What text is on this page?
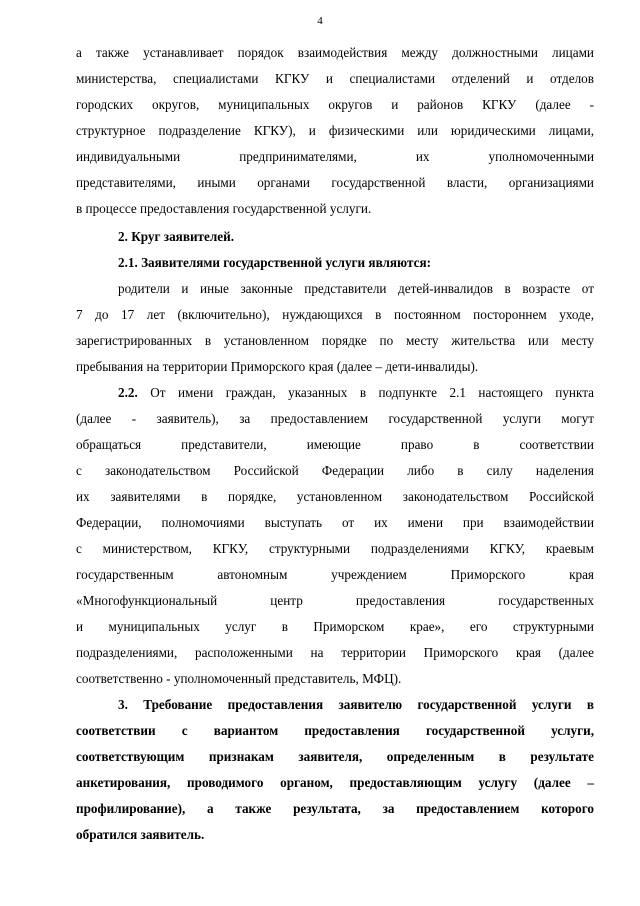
4
а также устанавливает порядок взаимодействия между должностными лицами
министерства, специалистами КГКУ и специалистами отделений и отделов
городских округов, муниципальных округов и районов КГКУ (далее -
структурное подразделение КГКУ), и физическими или юридическими лицами,
индивидуальными предпринимателями, их уполномоченными
представителями, иными органами государственной власти, организациями
в процессе предоставления государственной услуги.
2. Круг заявителей.
2.1. Заявителями государственной услуги являются:
родители и иные законные представители детей-инвалидов в возрасте от
7 до 17 лет (включительно), нуждающихся в постоянном постороннем уходе,
зарегистрированных в установленном порядке по месту жительства или месту
пребывания на территории Приморского края (далее – дети-инвалиды).
2.2. От имени граждан, указанных в подпункте 2.1 настоящего пункта
(далее - заявитель), за предоставлением государственной услуги могут
обращаться представители, имеющие право в соответствии
с законодательством Российской Федерации либо в силу наделения
их заявителями в порядке, установленном законодательством Российской
Федерации, полномочиями выступать от их имени при взаимодействии
с министерством, КГКУ, структурными подразделениями КГКУ, краевым
государственным автономным учреждением Приморского края
«Многофункциональный центр предоставления государственных
и муниципальных услуг в Приморском крае», его структурными
подразделениями, расположенными на территории Приморского края (далее
соответственно - уполномоченный представитель, МФЦ).
3. Требование предоставления заявителю государственной услуги в
соответствии с вариантом предоставления государственной услуги,
соответствующим признакам заявителя, определенным в результате
анкетирования, проводимого органом, предоставляющим услугу (далее –
профилирование), а также результата, за предоставлением которого
обратился заявитель.
